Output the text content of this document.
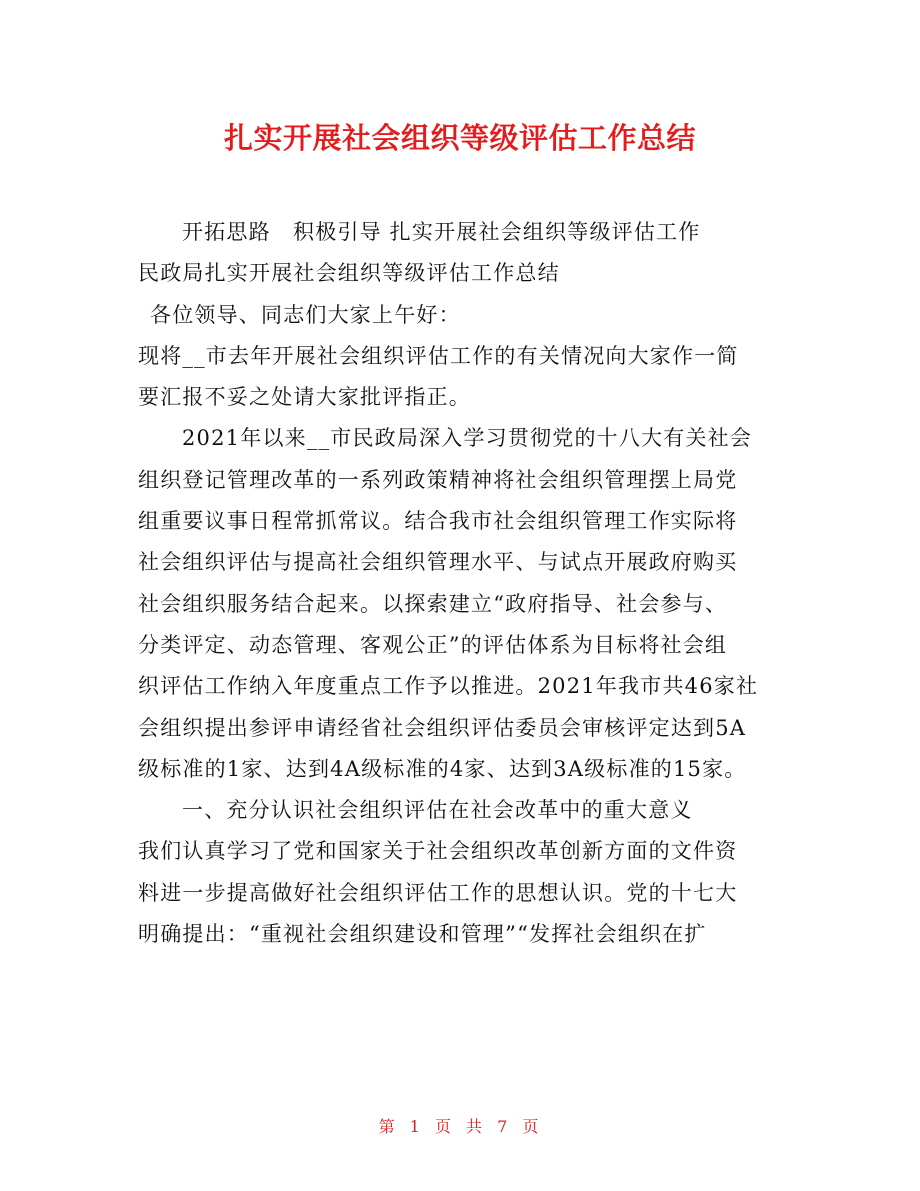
扎实开展社会组织等级评估工作总结
开拓思路　积极引导 扎实开展社会组织等级评估工作
民政局扎实开展社会组织等级评估工作总结
各位领导、同志们大家上午好：
现将__市去年开展社会组织评估工作的有关情况向大家作一简
要汇报不妥之处请大家批评指正。
2021年以来__市民政局深入学习贯彻党的十八大有关社会
组织登记管理改革的一系列政策精神将社会组织管理摆上局党
组重要议事日程常抓常议。结合我市社会组织管理工作实际将
社会组织评估与提高社会组织管理水平、与试点开展政府购买
社会组织服务结合起来。以探索建立“政府指导、社会参与、
分类评定、动态管理、客观公正”的评估体系为目标将社会组
织评估工作纳入年度重点工作予以推进。2021年我市共46家社
会组织提出参评申请经省社会组织评估委员会审核评定达到5A
级标准的1家、达到4A级标准的4家、达到3A级标准的15家。
一、充分认识社会组织评估在社会改革中的重大意义
我们认真学习了党和国家关于社会组织改革创新方面的文件资
料进一步提高做好社会组织评估工作的思想认识。党的十七大
明确提出：“重视社会组织建设和管理”“发挥社会组织在扩
第 1 页 共 7 页
